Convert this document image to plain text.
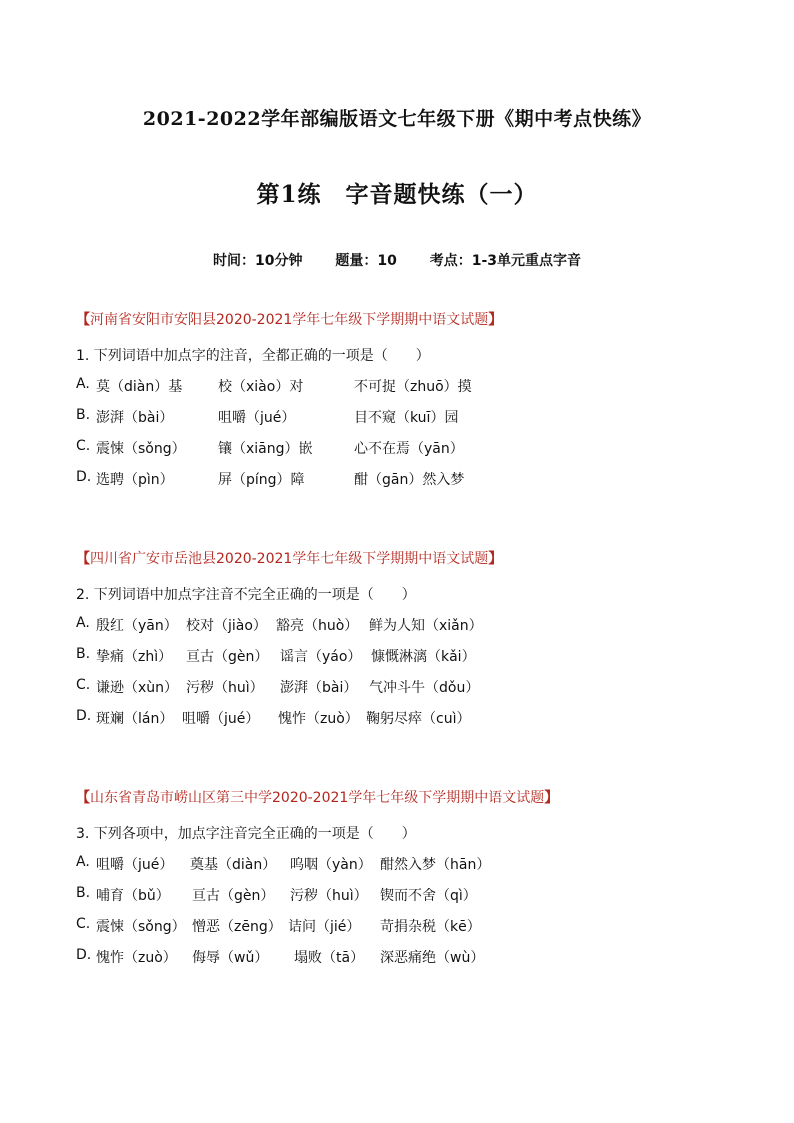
2021-2022学年部编版语文七年级下册《期中考点快练》
第1练　字音题快练（一）
时间：10分钟 题量：10 考点：1-3单元重点字音
【河南省安阳市安阳县2020-2021学年七年级下学期期中语文试题】
1. 下列词语中加点字的注音，全都正确的一项是（　　）
A. 莫（diàn）基	校（xiào）对	不可捉（zhuō）摸
B. 澎湃（bài）	咀嚼（jué）	目不窥（kuī）园
C. 震悚（sǒng） 镶（xiāng）嵌	心不在焉（yān）
D. 选聘（pìn）	屏（píng）障	酣（gān）然入梦
【四川省广安市岳池县2020-2021学年七年级下学期期中语文试题】
2. 下列词语中加点字注音不完全正确的一项是（　　）
A. 殷红（yān） 校对（jiào） 豁亮（huò） 鲜为人知（xiǎn）
B. 挚痛（zhì） 亘古（gèn） 谣言（yáo） 慷慨淋漓（kǎi）
C. 谦逊（xùn） 污秽（huì） 澎湃（bài） 气冲斗牛（dǒu）
D. 斑斓（lán） 咀嚼（jué） 愧怍（zuò） 鞠躬尽瘁（cuì）
【山东省青岛市崂山区第三中学2020-2021学年七年级下学期期中语文试题】
3. 下列各项中，加点字注音完全正确的一项是（　　）
A. 咀嚼（jué） 奠基（diàn） 呜咽（yàn） 酣然入梦（hān）
B. 哺育（bǔ） 亘古（gèn） 污秽（huì） 锲而不舍（qì）
C. 震悚（sǒng） 憎恶（zēng） 诘问（jié） 苛捐杂税（kē）
D. 愧怍（zuò） 侮辱（wǔ） 塌败（tā） 深恶痛绝（wù）
